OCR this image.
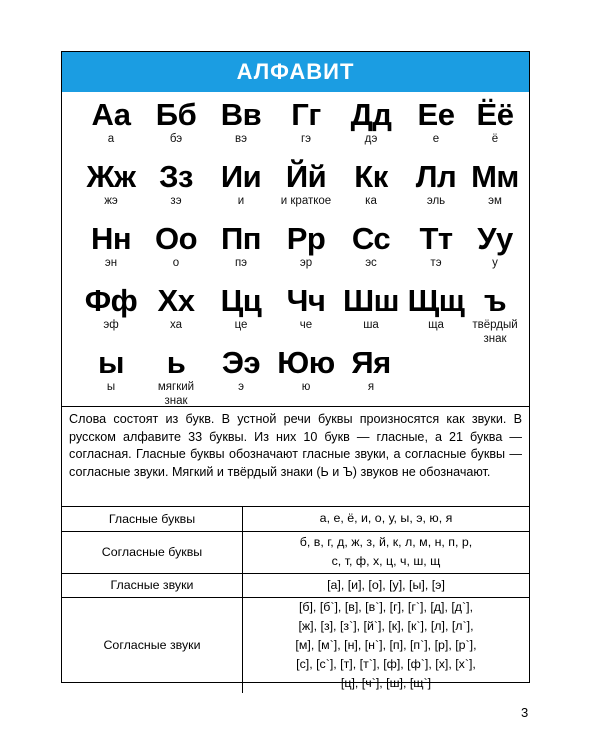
АЛФАВИТ
Аа
а
Бб
бэ
Вв
вэ
Гг
гэ
Дд
дэ
Ее
е
Ёё
ё
Жж
жэ
Зз
зэ
Ии
и
Йй
и краткое
Кк
ка
Лл
эль
Мм
эм
Нн
эн
Оо
о
Пп
пэ
Рр
эр
Сс
эс
Тт
тэ
Уу
у
Фф
эф
Хх
ха
Цц
це
Чч
че
Шш
ша
Щщ
ща
ъ
твёрдый
знак
ы
ы
ь
мягкий
знак
Ээ
э
Юю
ю
Яя
я
Слова состоят из букв. В устной речи буквы произносятся как звуки. В русском алфавите 33 буквы. Из них 10 букв — гласные, а 21 буква — согласная. Гласные буквы обозначают гласные звуки, а согласные буквы — согласные звуки. Мягкий и твёрдый знаки (Ь и Ъ) звуков не обозначают.
Гласные буквы	а, е, ё, и, о, у, ы, э, ю, я

Согласные буквы	б, в, г, д, ж, з, й, к, л, м, н, п, р,
с, т, ф, х, ц, ч, ш, щ

Гласные звуки	[а], [и], [о], [у], [ы], [э]

Согласные звуки	[б], [б`], [в], [в`], [г], [г`], [д], [д`],
[ж], [з], [з`], [й`], [к], [к`], [л], [л`],
[м], [м`], [н], [н`], [п], [п`], [р], [р`],
[с], [с`], [т], [т`], [ф], [ф`], [х], [х`],
[ц], [ч`], [ш], [щ`]
3
